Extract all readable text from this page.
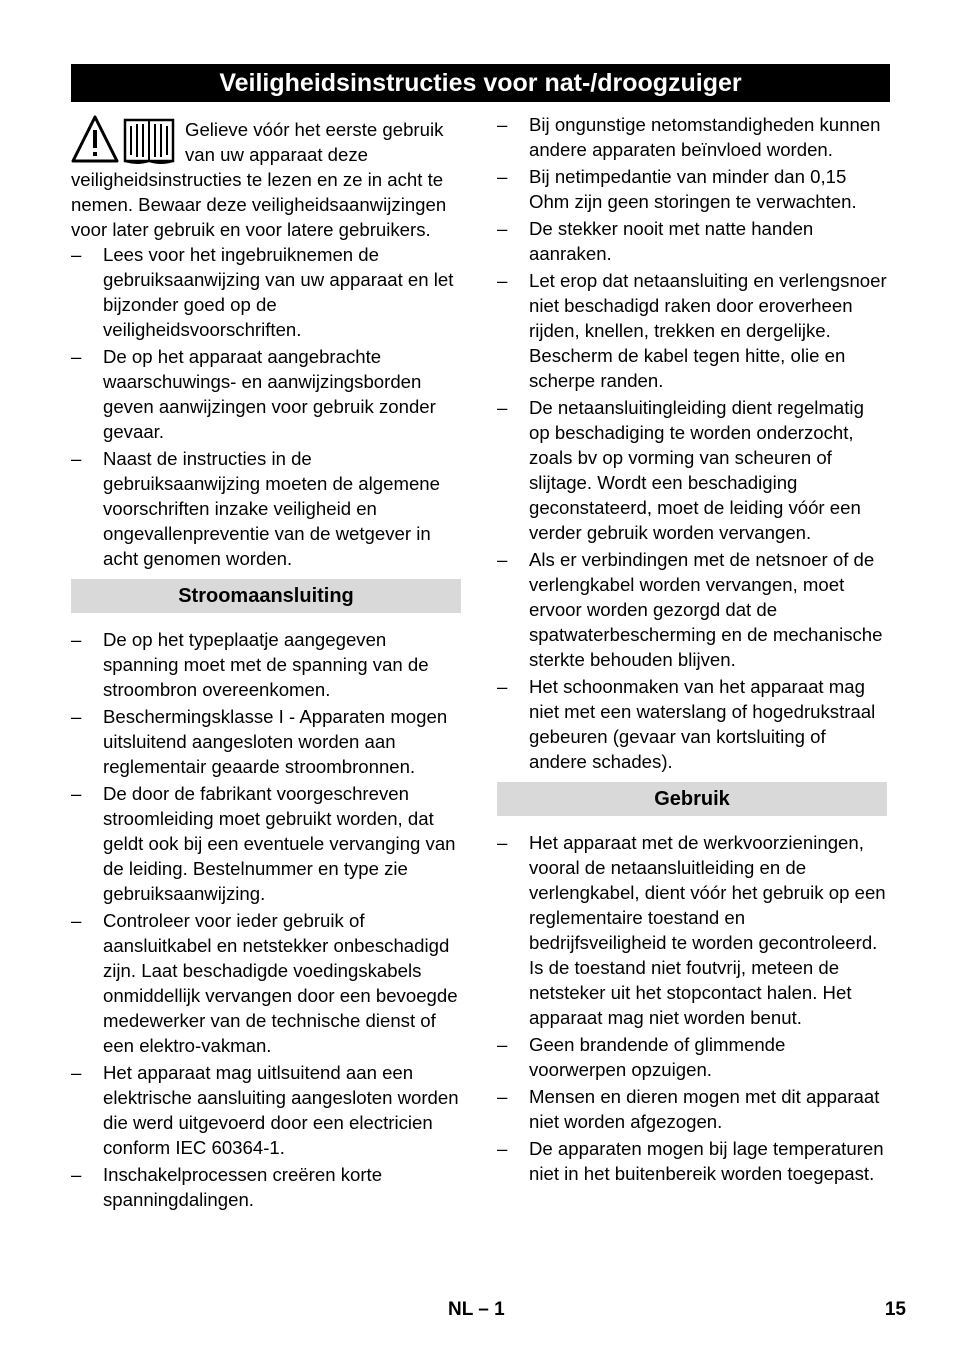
Veiligheidsinstructies voor nat-/droogzuiger

Gelieve vóór het eerste gebruik van uw apparaat deze veiligheidsinstructies te lezen en ze in acht te nemen. Bewaar deze veiligheidsaanwijzingen voor later gebruik en voor latere gebruikers.

–	Lees voor het ingebruiknemen de gebruiksaanwijzing van uw apparaat en let bijzonder goed op de veiligheidsvoorschriften.
–	De op het apparaat aangebrachte waarschuwings- en aanwijzingsborden geven aanwijzingen voor gebruik zonder gevaar.
–	Naast de instructies in de gebruiksaanwijzing moeten de algemene voorschriften inzake veiligheid en ongevallenpreventie van de wetgever in acht genomen worden.
Stroomaansluiting
–	De op het typeplaatje aangegeven spanning moet met de spanning van de stroombron overeenkomen.
–	Beschermingsklasse I - Apparaten mogen uitsluitend aangesloten worden aan reglementair geaarde stroombronnen.
–	De door de fabrikant voorgeschreven stroomleiding moet gebruikt worden, dat geldt ook bij een eventuele vervanging van de leiding. Bestelnummer en type zie gebruiksaanwijzing.
–	Controleer voor ieder gebruik of aansluitkabel en netstekker onbeschadigd zijn. Laat beschadigde voedingskabels onmiddellijk vervangen door een bevoegde medewerker van de technische dienst of een elektro-vakman.
–	Het apparaat mag uitlsuitend aan een elektrische aansluiting aangesloten worden die werd uitgevoerd door een electricien conform IEC 60364-1.
–	Inschakelprocessen creëren korte spanningdalingen.
–	Bij ongunstige netomstandigheden kunnen andere apparaten beïnvloed worden.
–	Bij netimpedantie van minder dan 0,15 Ohm zijn geen storingen te verwachten.
–	De stekker nooit met natte handen aanraken.
–	Let erop dat netaansluiting en verlengsnoer niet beschadigd raken door eroverheen rijden, knellen, trekken en dergelijke. Bescherm de kabel tegen hitte, olie en scherpe randen.
–	De netaansluitingleiding dient regelmatig op beschadiging te worden onderzocht, zoals bv op vorming van scheuren of slijtage. Wordt een beschadiging geconstateerd, moet de leiding vóór een verder gebruik worden vervangen.
–	Als er verbindingen met de netsnoer of de verlengkabel worden vervangen, moet ervoor worden gezorgd dat de spatwaterbescherming en de mechanische sterkte behouden blijven.
–	Het schoonmaken van het apparaat mag niet met een waterslang of hogedrukstraal gebeuren (gevaar van kortsluiting of andere schades).
Gebruik
–	Het apparaat met de werkvoorzieningen, vooral de netaansluitleiding en de verlengkabel, dient vóór het gebruik op een reglementaire toestand en bedrijfsveiligheid te worden gecontroleerd. Is de toestand niet foutvrij, meteen de netsteker uit het stopcontact halen. Het apparaat mag niet worden benut.
–	Geen brandende of glimmende voorwerpen opzuigen.
–	Mensen en dieren mogen met dit apparaat niet worden afgezogen.
–	De apparaten mogen bij lage temperaturen niet in het buitenbereik worden toegepast.
NL – 1	15
